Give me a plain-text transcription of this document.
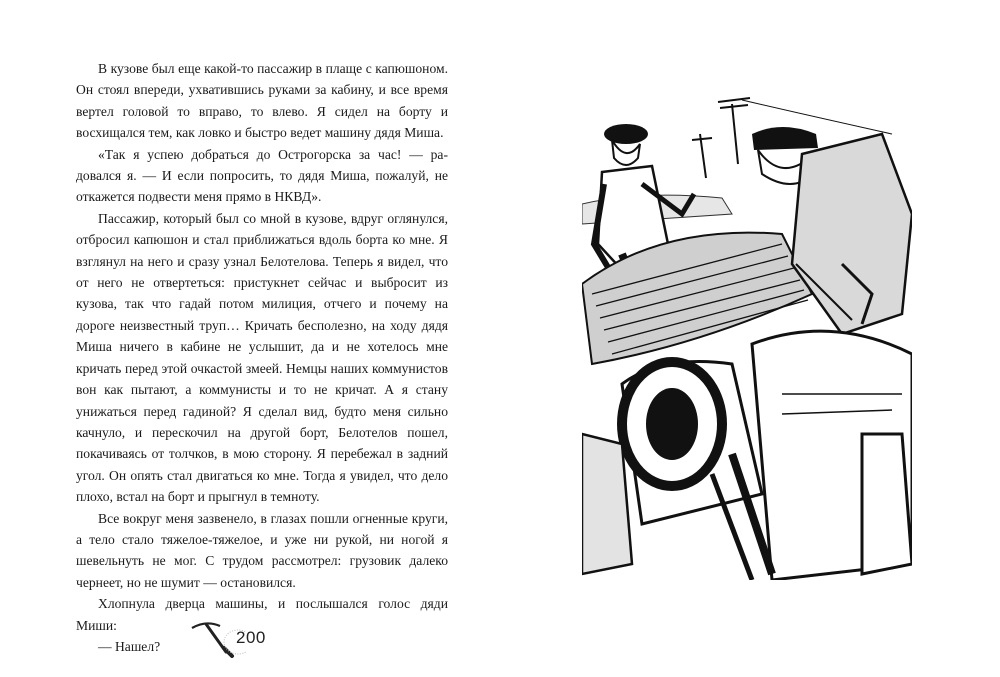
В кузове был еще какой-то пассажир в плаще с капюшоном. Он стоял впереди, ухватившись руками за кабину, и все время вертел головой то вправо, то влево. Я сидел на борту и восхищался тем, как ловко и быстро ведет машину дядя Миша.

«Так я успею добраться до Острогорска за час! — радовался я. — И если попросить, то дядя Миша, пожалуй, не откажется подвести меня прямо в НКВД».

Пассажир, который был со мной в кузове, вдруг оглянулся, отбросил капюшон и стал приближаться вдоль борта ко мне. Я взглянул на него и сразу узнал Белотелова. Теперь я видел, что от него не отвертеться: пристукнет сейчас и выбросит из кузова, так что гадай потом милиция, отчего и почему на дороге неизвестный труп… Кричать бесполезно, на ходу дядя Миша ничего в кабине не услышит, да и не хотелось мне кричать перед этой очкастой змеей. Немцы наших коммунистов вон как пытают, а коммунисты и то не кричат. А я стану унижаться перед гадиной? Я сделал вид, будто меня сильно качнуло, и перескочил на другой борт, Белотелов пошел, покачиваясь от толчков, в мою сторону. Я перебежал в задний угол. Он опять стал двигаться ко мне. Тогда я увидел, что дело плохо, встал на борт и прыгнул в темноту.

Все вокруг меня зазвенело, в глазах пошли огненные круги, а тело стало тяжелое-тяжелое, и уже ни рукой, ни ногой я шевельнуть не мог. С трудом рассмотрел: грузовик далеко чернеет, но не шумит — остановился.

Хлопнула дверца машины, и послышался голос дяди Миши:

— Нашел?	200
